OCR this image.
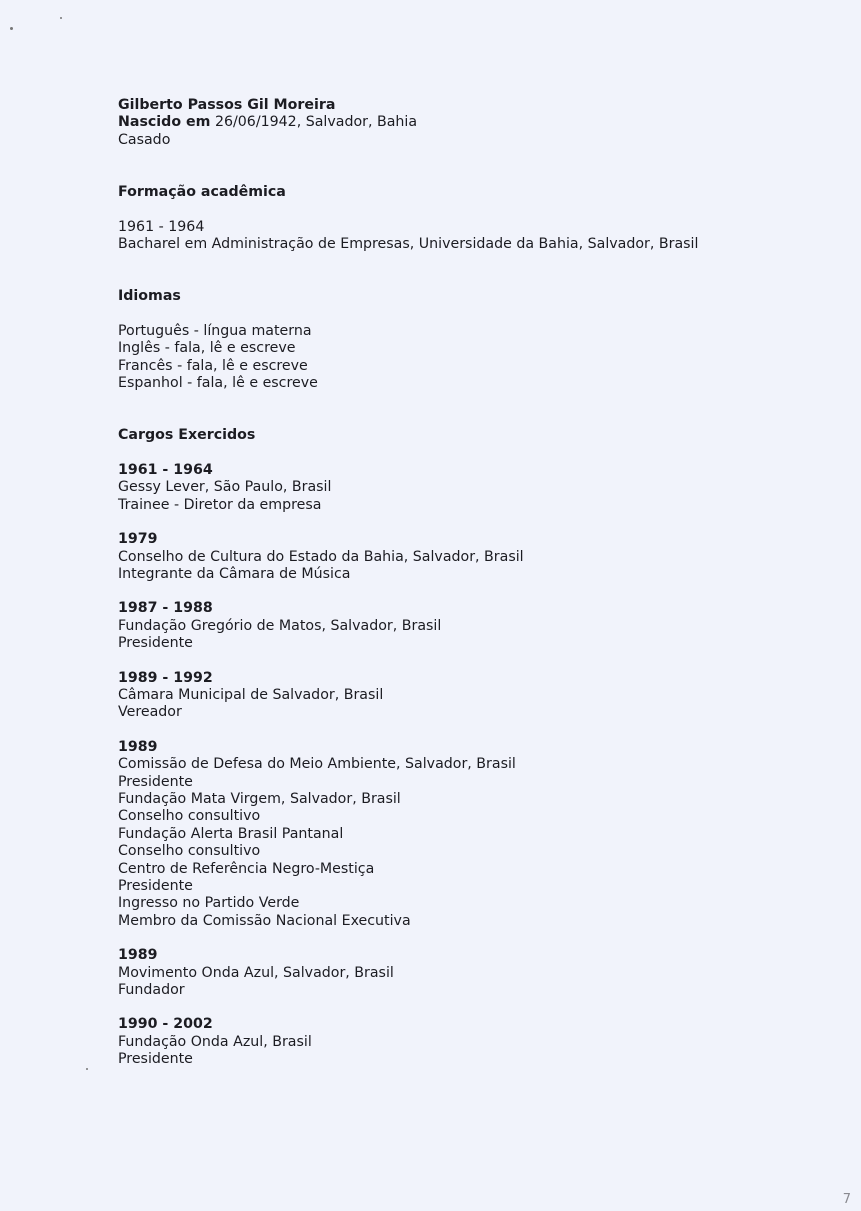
Gilberto Passos Gil Moreira
Nascido em 26/06/1942, Salvador, Bahia
Casado
Formação acadêmica
1961 - 1964
Bacharel em Administração de Empresas, Universidade da Bahia, Salvador, Brasil
Idiomas
Português - língua materna
Inglês - fala, lê e escreve
Francês - fala, lê e escreve
Espanhol - fala, lê e escreve
Cargos Exercidos
1961 - 1964
Gessy Lever, São Paulo, Brasil
Trainee - Diretor da empresa
1979
Conselho de Cultura do Estado da Bahia, Salvador, Brasil
Integrante da Câmara de Música
1987 - 1988
Fundação Gregório de Matos, Salvador, Brasil
Presidente
1989 - 1992
Câmara Municipal de Salvador, Brasil
Vereador
1989
Comissão de Defesa do Meio Ambiente, Salvador, Brasil
Presidente
Fundação Mata Virgem, Salvador, Brasil
Conselho consultivo
Fundação Alerta Brasil Pantanal
Conselho consultivo
Centro de Referência Negro-Mestiça
Presidente
Ingresso no Partido Verde
Membro da Comissão Nacional Executiva
1989
Movimento Onda Azul, Salvador, Brasil
Fundador
1990 - 2002
Fundação Onda Azul, Brasil
Presidente
7
